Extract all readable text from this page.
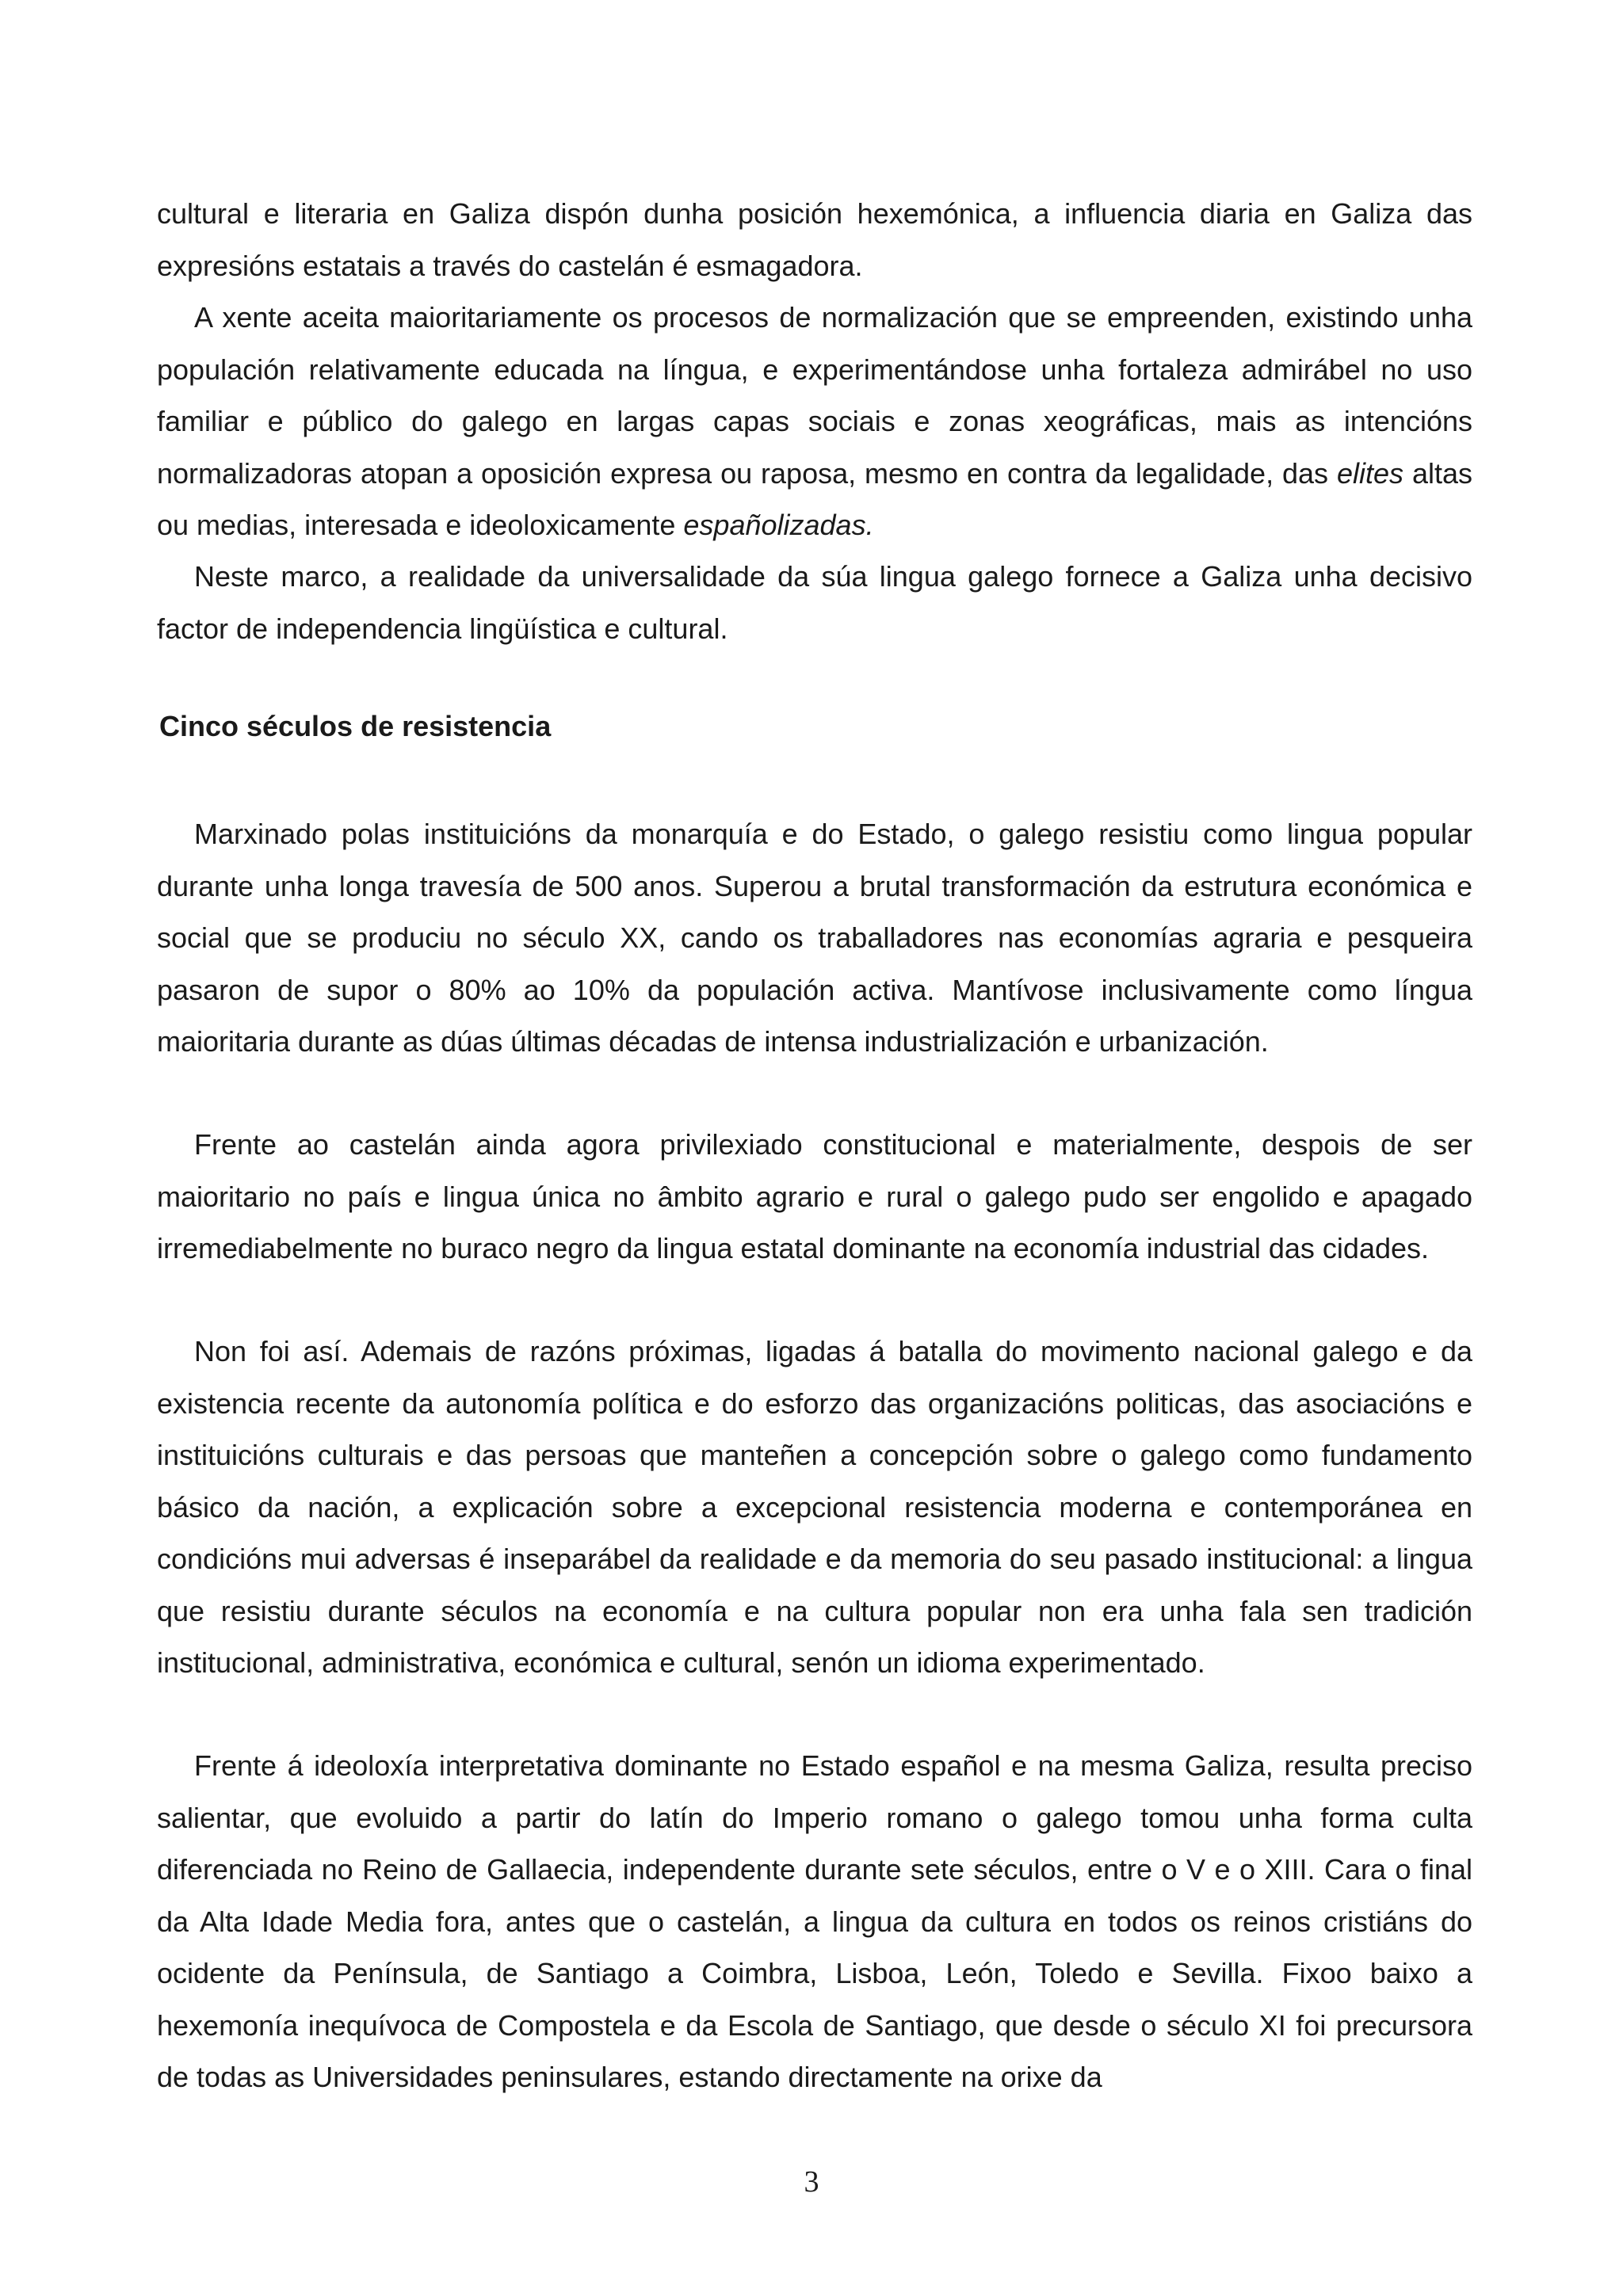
cultural e literaria en Galiza dispón dunha posición hexemónica, a influencia diaria en Galiza das expresións estatais a través do castelán é esmagadora.

A xente aceita maioritariamente os procesos de normalización que se empreenden, existindo unha populación relativamente educada na língua, e experimentándose unha fortaleza admirábel no uso familiar e público do galego en largas capas sociais e zonas xeográficas, mais as intencións normalizadoras atopan a oposición expresa ou raposa, mesmo en contra da legalidade, das elites altas ou medias, interesada e ideoloxicamente españolizadas.

Neste marco, a realidade da universalidade da súa lingua galego fornece a Galiza unha decisivo factor de independencia lingüística e cultural.

Cinco séculos de resistencia

Marxinado polas instituicións da monarquía e do Estado, o galego resistiu como lingua popular durante unha longa travesía de 500 anos. Superou a brutal transformación da estrutura económica e social que se produciu no século XX, cando os traballadores nas economías agraria e pesqueira pasaron de supor o 80% ao 10% da populación activa. Mantívose inclusivamente como língua maioritaria durante as dúas últimas décadas de intensa industrialización e urbanización.

Frente ao castelán ainda agora privilexiado constitucional e materialmente, despois de ser maioritario no país e lingua única no âmbito agrario e rural o galego pudo ser engolido e apagado irremediabelmente no buraco negro da lingua estatal dominante na economía industrial das cidades.

Non foi así. Ademais de razóns próximas, ligadas á batalla do movimento nacional galego e da existencia recente da autonomía política e do esforzo das organizacións politicas, das asociacións e instituicións culturais e das persoas que manteñen a concepción sobre o galego como fundamento básico da nación, a explicación sobre a excepcional resistencia moderna e contemporánea en condicións mui adversas é inseparábel da realidade e da memoria do seu pasado institucional: a lingua que resistiu durante séculos na economía e na cultura popular non era unha fala sen tradición institucional, administrativa, económica e cultural, senón un idioma experimentado.

Frente á ideoloxía interpretativa dominante no Estado español e na mesma Galiza, resulta preciso salientar, que evoluido a partir do latín do Imperio romano o galego tomou unha forma culta diferenciada no Reino de Gallaecia, independente durante sete séculos, entre o V e o XIII. Cara o final da Alta Idade Media fora, antes que o castelán, a lingua da cultura en todos os reinos cristiáns do ocidente da Península, de Santiago a Coimbra, Lisboa, León, Toledo e Sevilla. Fixoo baixo a hexemonía inequívoca de Compostela e da Escola de Santiago, que desde o século XI foi precursora de todas as Universidades peninsulares, estando directamente na orixe da

3
